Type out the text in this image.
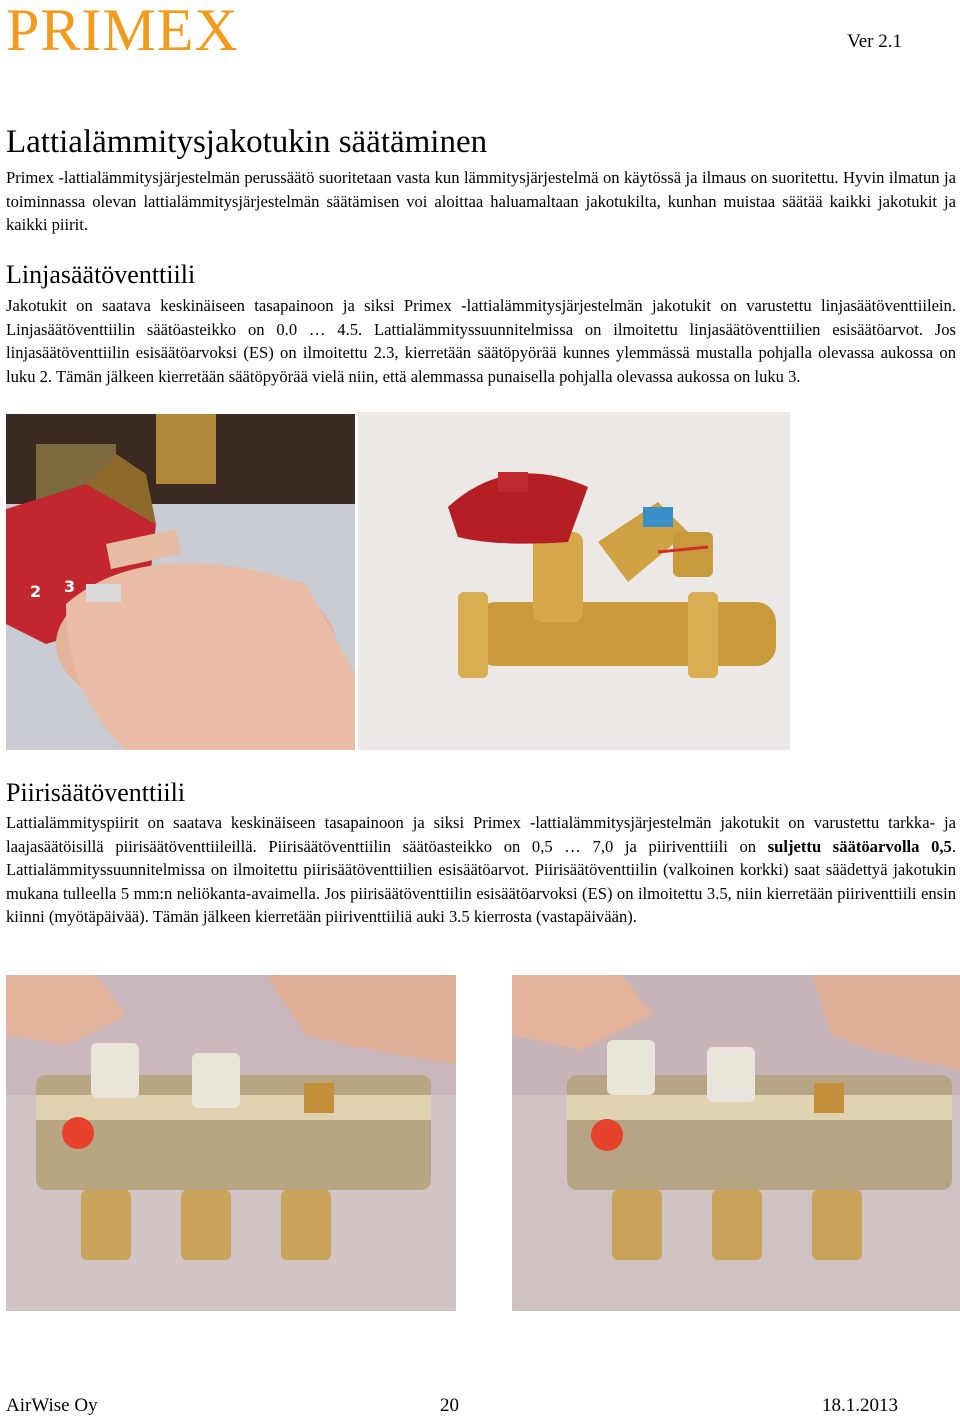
PRIMEX	Ver 2.1
Lattialämmitysjakotukin säätäminen

Primex -lattialämmitysjärjestelmän perussäätö suoritetaan vasta kun lämmitysjärjestelmä on käytössä ja ilmaus on suoritettu. Hyvin ilmatun ja toiminnassa olevan lattialämmitysjärjestelmän säätämisen voi aloittaa haluamaltaan jakotukilta, kunhan muistaa säätää kaikki jakotukit ja kaikki piirit.

Linjasäätöventtiili

Jakotukit on saatava keskinäiseen tasapainoon ja siksi Primex -lattialämmitysjärjestelmän jakotukit on varustettu linjasäätöventtiilein. Linjasäätöventtiilin säätöasteikko on 0.0 … 4.5. Lattialämmityssuunnitelmissa on ilmoitettu linjasäätöventtiilien esisäätöarvot. Jos linjasäätöventtiilin esisäätöarvoksi (ES) on ilmoitettu 2.3, kierretään säätöpyörää kunnes ylemmässä mustalla pohjalla olevassa aukossa on luku 2. Tämän jälkeen kierretään säätöpyörää vielä niin, että alemmassa punaisella pohjalla olevassa aukossa on luku 3.

2 3
Piirisäätöventtiili

Lattialämmityspiirit on saatava keskinäiseen tasapainoon ja siksi Primex -lattialämmitysjärjestelmän jakotukit on varustettu tarkka- ja laajasäätöisillä piirisäätöventtiileillä. Piirisäätöventtiilin säätöasteikko on 0,5 … 7,0 ja piiriventtiili on suljettu säätöarvolla 0,5. Lattialämmityssuunnitelmissa on ilmoitettu piirisäätöventtiilien esisäätöarvot. Piirisäätöventtiilin (valkoinen korkki) saat säädettyä jakotukin mukana tulleella 5 mm:n neliökanta-avaimella. Jos piirisäätöventtiilin esisäätöarvoksi (ES) on ilmoitettu 3.5, niin kierretään piiriventtiili ensin kiinni (myötäpäivää). Tämän jälkeen kierretään piiriventtiiliä auki 3.5 kierrosta (vastapäivään).

AirWise Oy	20	18.1.2013
